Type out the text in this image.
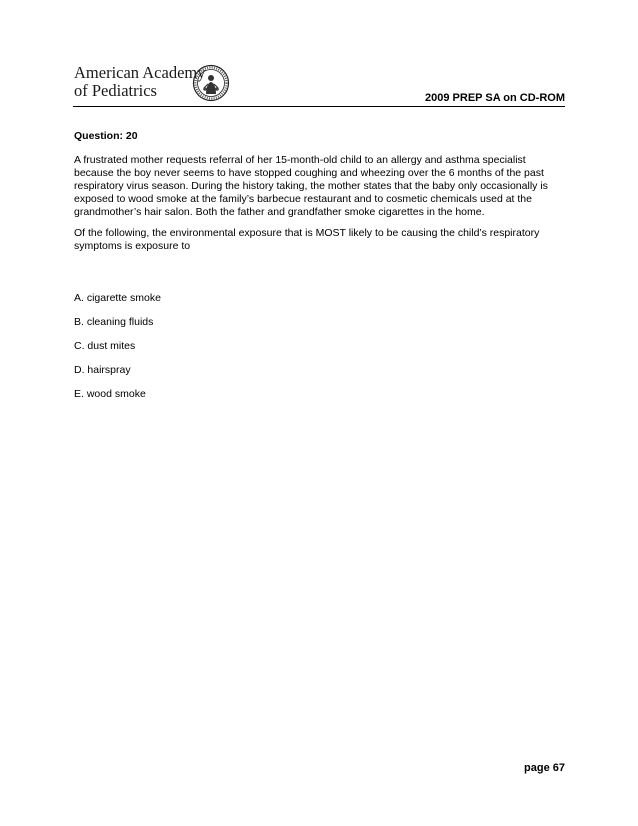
American Academy
of Pediatrics	2009 PREP SA on CD-ROM
Question: 20
A frustrated mother requests referral of her 15-month-old child to an allergy and asthma specialist
because the boy never seems to have stopped coughing and wheezing over the 6 months of the past
respiratory virus season. During the history taking, the mother states that the baby only occasionally is
exposed to wood smoke at the family’s barbecue restaurant and to cosmetic chemicals used at the
grandmother’s hair salon. Both the father and grandfather smoke cigarettes in the home.
Of the following, the environmental exposure that is MOST likely to be causing the child’s respiratory
symptoms is exposure to
A. cigarette smoke
B. cleaning fluids
C. dust mites
D. hairspray
E. wood smoke
page 67
